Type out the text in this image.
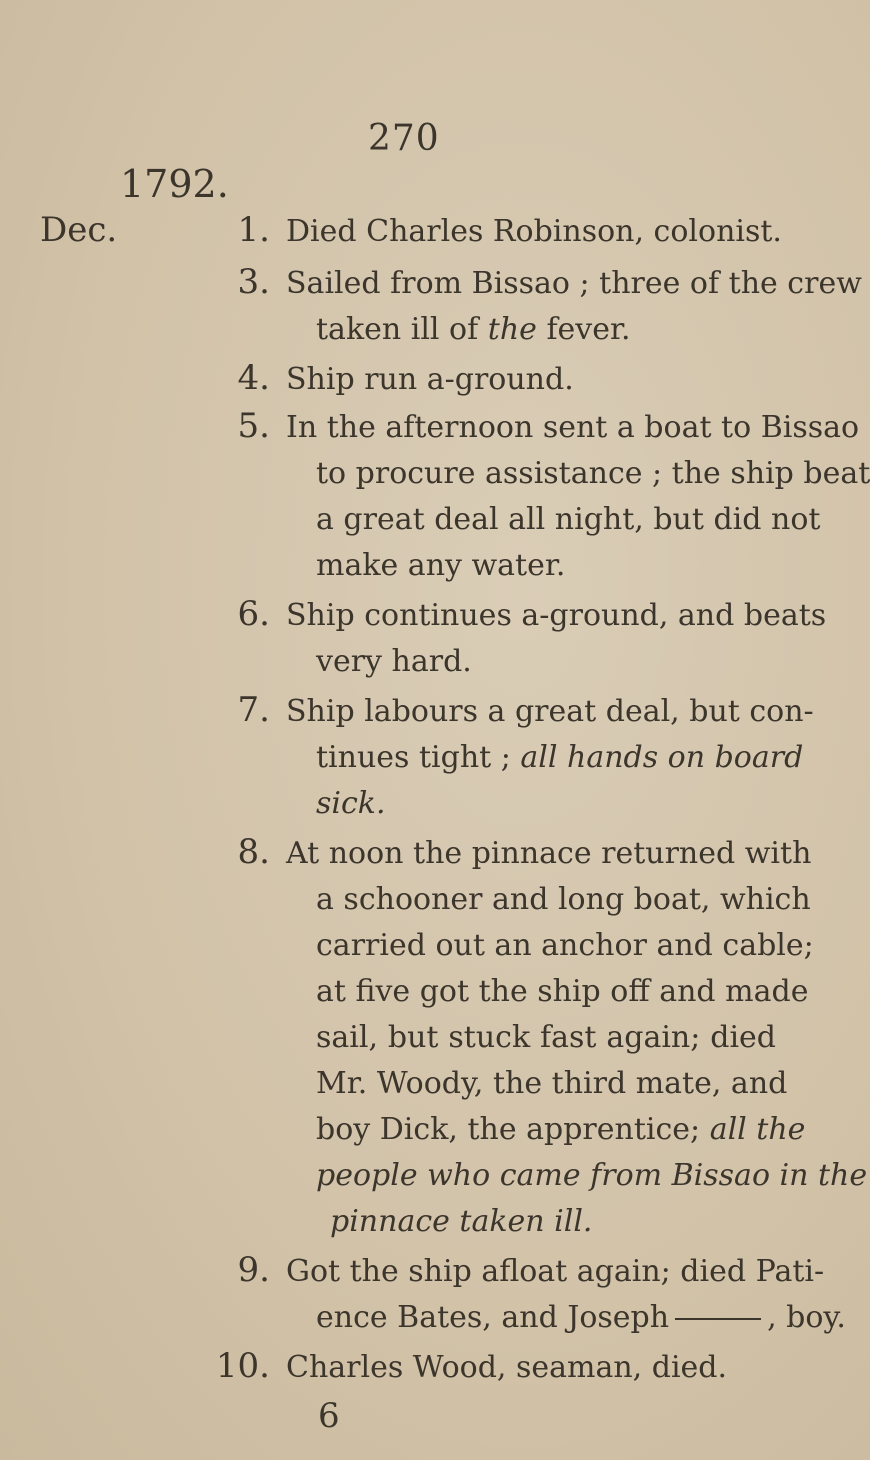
270
1792.
Dec.	1. Died Charles Robinson, colonist.
3. Sailed from Bissao ; three of the crew
taken ill of the fever.
4. Ship run a-ground.
5. In the afternoon sent a boat to Bissao
to procure assistance ; the ship beat
a great deal all night, but did not
make any water.
6. Ship continues a-ground, and beats
very hard.
7. Ship labours a great deal, but con-
tinues tight ; all hands on board
sick.
8. At noon the pinnace returned with
a schooner and long boat, which
carried out an anchor and cable;
at five got the ship off and made
sail, but stuck fast again; died
Mr. Woody, the third mate, and
boy Dick, the apprentice; all the
people who came from Bissao in the
pinnace taken ill.
9. Got the ship afloat again; died Pati-
ence Bates, and Joseph	, boy.
10. Charles Wood, seaman, died.
6
